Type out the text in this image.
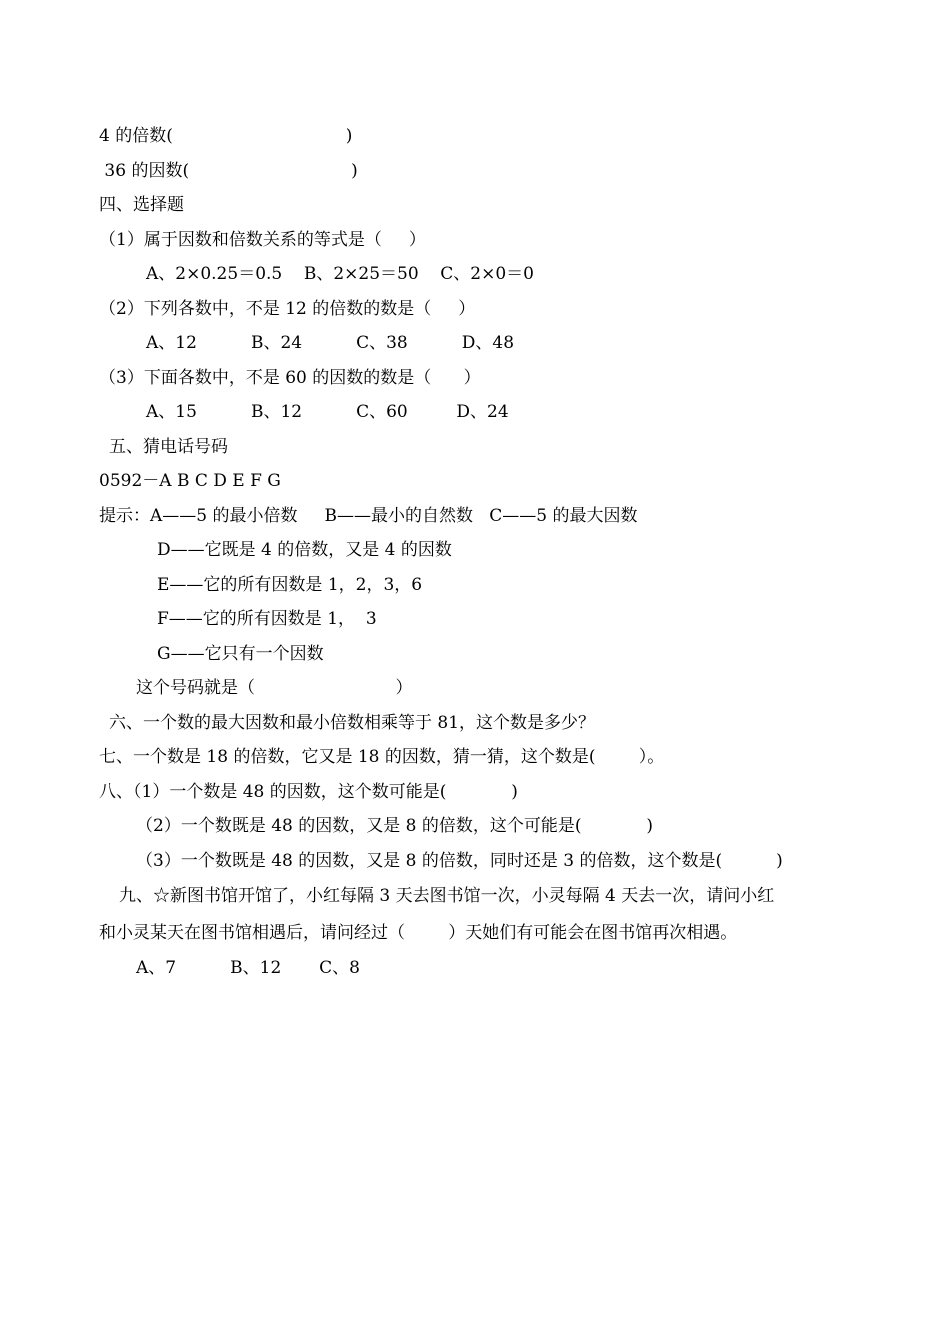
4 的倍数(                                )
36 的因数(                              )
四、选择题
（1）属于因数和倍数关系的等式是（     ）
A、2×0.25＝0.5    B、2×25＝50    C、2×0＝0
（2）下列各数中，不是 12 的倍数的数是（     ）
A、12          B、24          C、38          D、48
（3）下面各数中，不是 60 的因数的数是（      ）
A、15          B、12          C、60         D、24
五、猜电话号码
0592－A B C D E F G
提示：A——5 的最小倍数     B——最小的自然数   C——5 的最大因数
D——它既是 4 的倍数，又是 4 的因数
E——它的所有因数是 1，2，3，6
F——它的所有因数是 1，  3
G——它只有一个因数
这个号码就是（                          ）
六、一个数的最大因数和最小倍数相乘等于 81，这个数是多少？
七、一个数是 18 的倍数，它又是 18 的因数，猜一猜，这个数是(        ）。
八、（1）一个数是 48 的因数，这个数可能是(            )
（2）一个数既是 48 的因数，又是 8 的倍数，这个可能是(            )
（3）一个数既是 48 的因数，又是 8 的倍数，同时还是 3 的倍数，这个数是(          )
九、☆新图书馆开馆了，小红每隔 3 天去图书馆一次，小灵每隔 4 天去一次，请问小红
和小灵某天在图书馆相遇后，请问经过（        ）天她们有可能会在图书馆再次相遇。
A、7          B、12       C、8
